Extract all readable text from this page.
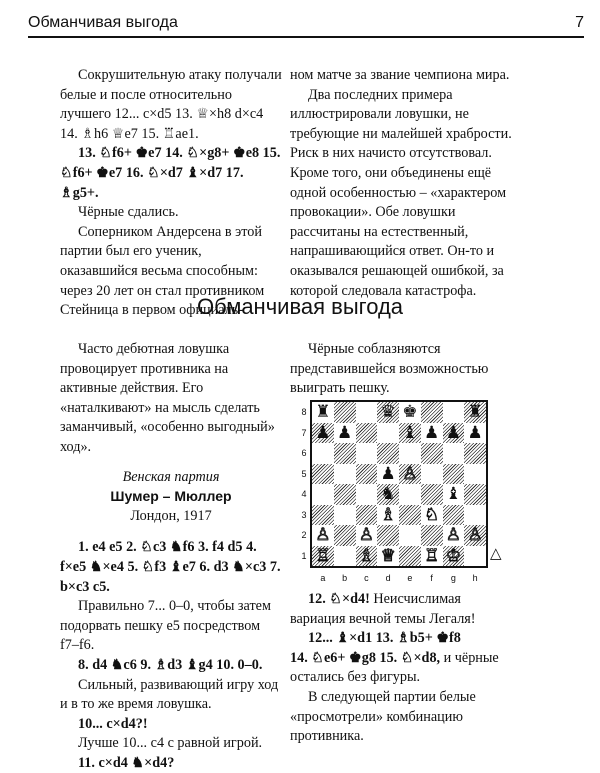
Обманчивая выгода	7

Сокрушительную атаку получали белые и после относительно лучшего 12... c×d5 13. ♕×h8 d×c4 14. ♗h6 ♕e7 15. ♖ae1.

13. ♘f6+ ♚e7 14. ♘×g8+ ♚e8 15. ♘f6+ ♚e7 16. ♘×d7 ♝×d7 17. ♗g5+.

Чёрные сдались.

Соперником Андерсена в этой партии был его ученик, оказавшийся весьма способным: через 20 лет он стал противником Стейница в первом официаль-

ном матче за звание чемпиона мира.

Два последних примера иллюстрировали ловушки, не требующие ни малейшей храбрости. Риск в них начисто отсутствовал. Кроме того, они объединены ещё одной особенностью – «характером провокации». Обе ловушки рассчитаны на естественный, напрашивающийся ответ. Он-то и оказывался решающей ошибкой, за которой следовала катастрофа.

Обманчивая выгода

Часто дебютная ловушка провоцирует противника на активные действия. Его «наталкивают» на мысль сделать заманчивый, «особенно выгодный» ход».

Венская партия

Шумер – Мюллер

Лондон, 1917

1. e4 e5 2. ♘c3 ♞f6 3. f4 d5 4. f×e5 ♞×e4 5. ♘f3 ♝e7 6. d3 ♞×c3 7. b×c3 c5.

Правильно 7... 0–0, чтобы затем подорвать пешку e5 посредством f7–f6.

8. d4 ♞c6 9. ♗d3 ♝g4 10. 0–0.

Сильный, развивающий игру ход и в то же время ловушка.

10... c×d4?!

Лучше 10... c4 с равной игрой.

11. c×d4 ♞×d4?

Чёрные соблазняются представившейся возможностью выиграть пешку.

♜	♛ ♚	♜
♟ ♟	♝ ♟ ♟ ♟
♟ ♙
♞	♝
♗ ♘
♙ ♙	♙ ♙
♖ ♗ ♕ ♖ ♔ △
8
7
6
5
4
3
2
1
a	b	c	d	e	f	g	h

12. ♘×d4! Неисчислимая вариация вечной темы Легаля!

12... ♝×d1 13. ♗b5+ ♚f8

14. ♘e6+ ♚g8 15. ♘×d8, и чёрные остались без фигуры.

В следующей партии белые «просмотрели» комбинацию противника.
